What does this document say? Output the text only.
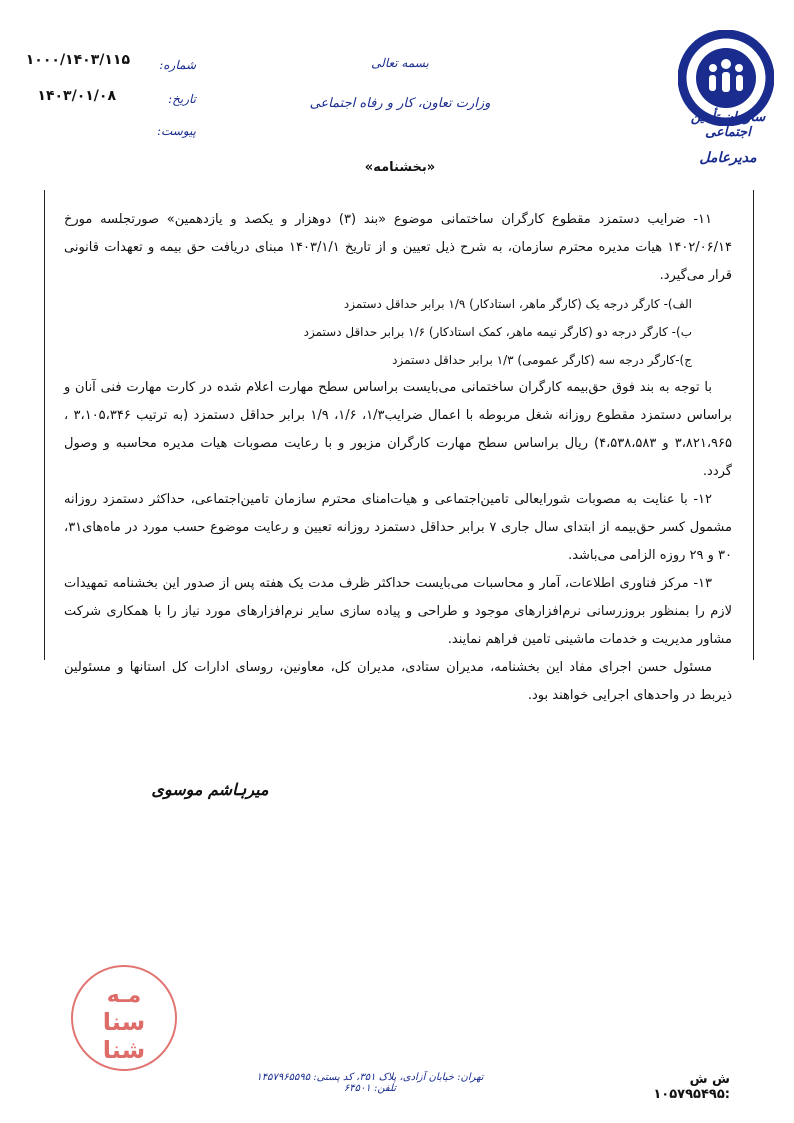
سازمان تأمین اجتماعی
مدیرعامل
بسمه تعالی
وزارت تعاون، کار و رفاه اجتماعی
شماره:
۱۰۰۰/۱۴۰۳/۱۱۵
تاریخ:
۱۴۰۳/۰۱/۰۸
پیوست:
«بخشنامه»

۱۱- ضرایب دستمزد مقطوع کارگران ساختمانی موضوع «بند (۳) دوهزار و یکصد و یازدهمین» صورتجلسه مورخ ۱۴۰۲/۰۶/۱۴ هیات مدیره محترم سازمان، به شرح ذیل تعیین و از تاریخ ۱۴۰۳/۱/۱ مبنای دریافت حق بیمه و تعهدات قانونی قرار می‌گیرد.

الف)- کارگر درجه یک (کارگر ماهر، استادکار) ۱/۹ برابر حداقل دستمزد

ب)- کارگر درجه دو (کارگر نیمه ماهر، کمک استادکار) ۱/۶ برابر حداقل دستمزد

ج)-کارگر درجه سه (کارگر عمومی) ۱/۳ برابر حداقل دستمزد

با توجه به بند فوق حق‌بیمه کارگران ساختمانی می‌بایست براساس سطح مهارت اعلام شده در کارت مهارت فنی آنان و براساس دستمزد مقطوع روزانه شغل مربوطه با اعمال ضرایب۱/۳، ۱/۶، ۱/۹ برابر حداقل دستمزد (به ترتیب ۳،۱۰۵،۳۴۶ ، ۳،۸۲۱،۹۶۵ و ۴،۵۳۸،۵۸۳) ریال براساس سطح مهارت کارگران مزبور و با رعایت مصوبات هیات مدیره محاسبه و وصول گردد.

۱۲- با عنایت به مصوبات شورایعالی تامین‌اجتماعی و هیات‌امنای محترم سازمان تامین‌اجتماعی، حداکثر دستمزد روزانه مشمول کسر حق‌بیمه از ابتدای سال جاری ۷ برابر حداقل دستمزد روزانه تعیین و رعایت موضوع حسب مورد در ماه‌های۳۱، ۳۰ و ۲۹ روزه الزامی می‌باشد.

۱۳- مرکز فناوری اطلاعات، آمار و محاسبات می‌بایست حداکثر ظرف مدت یک هفته پس از صدور این بخشنامه تمهیدات لازم را بمنظور بروزرسانی نرم‌افزارهای موجود و طراحی و پیاده سازی سایر نرم‌افزارهای مورد نیاز را با همکاری شرکت مشاور مدیریت و خدمات ماشینی تامین فراهم نمایند.

مسئول حسن اجرای مفاد این بخشنامه، مدیران ستادی، مدیران کل، معاونین، روسای ادارات کل استانها و مسئولین ذیربط در واحدهای اجرایی خواهند بود.

میرہاشم موسوی
مـه
سنا
شنا
تهران: خیابان آزادی، پلاک ۳۵۱، کد پستی: ۱۴۵۷۹۶۵۵۹۵ تلفن: ۶۴۵۰۱
ش ش :۱۰۵۷۹۵۴۹۵
